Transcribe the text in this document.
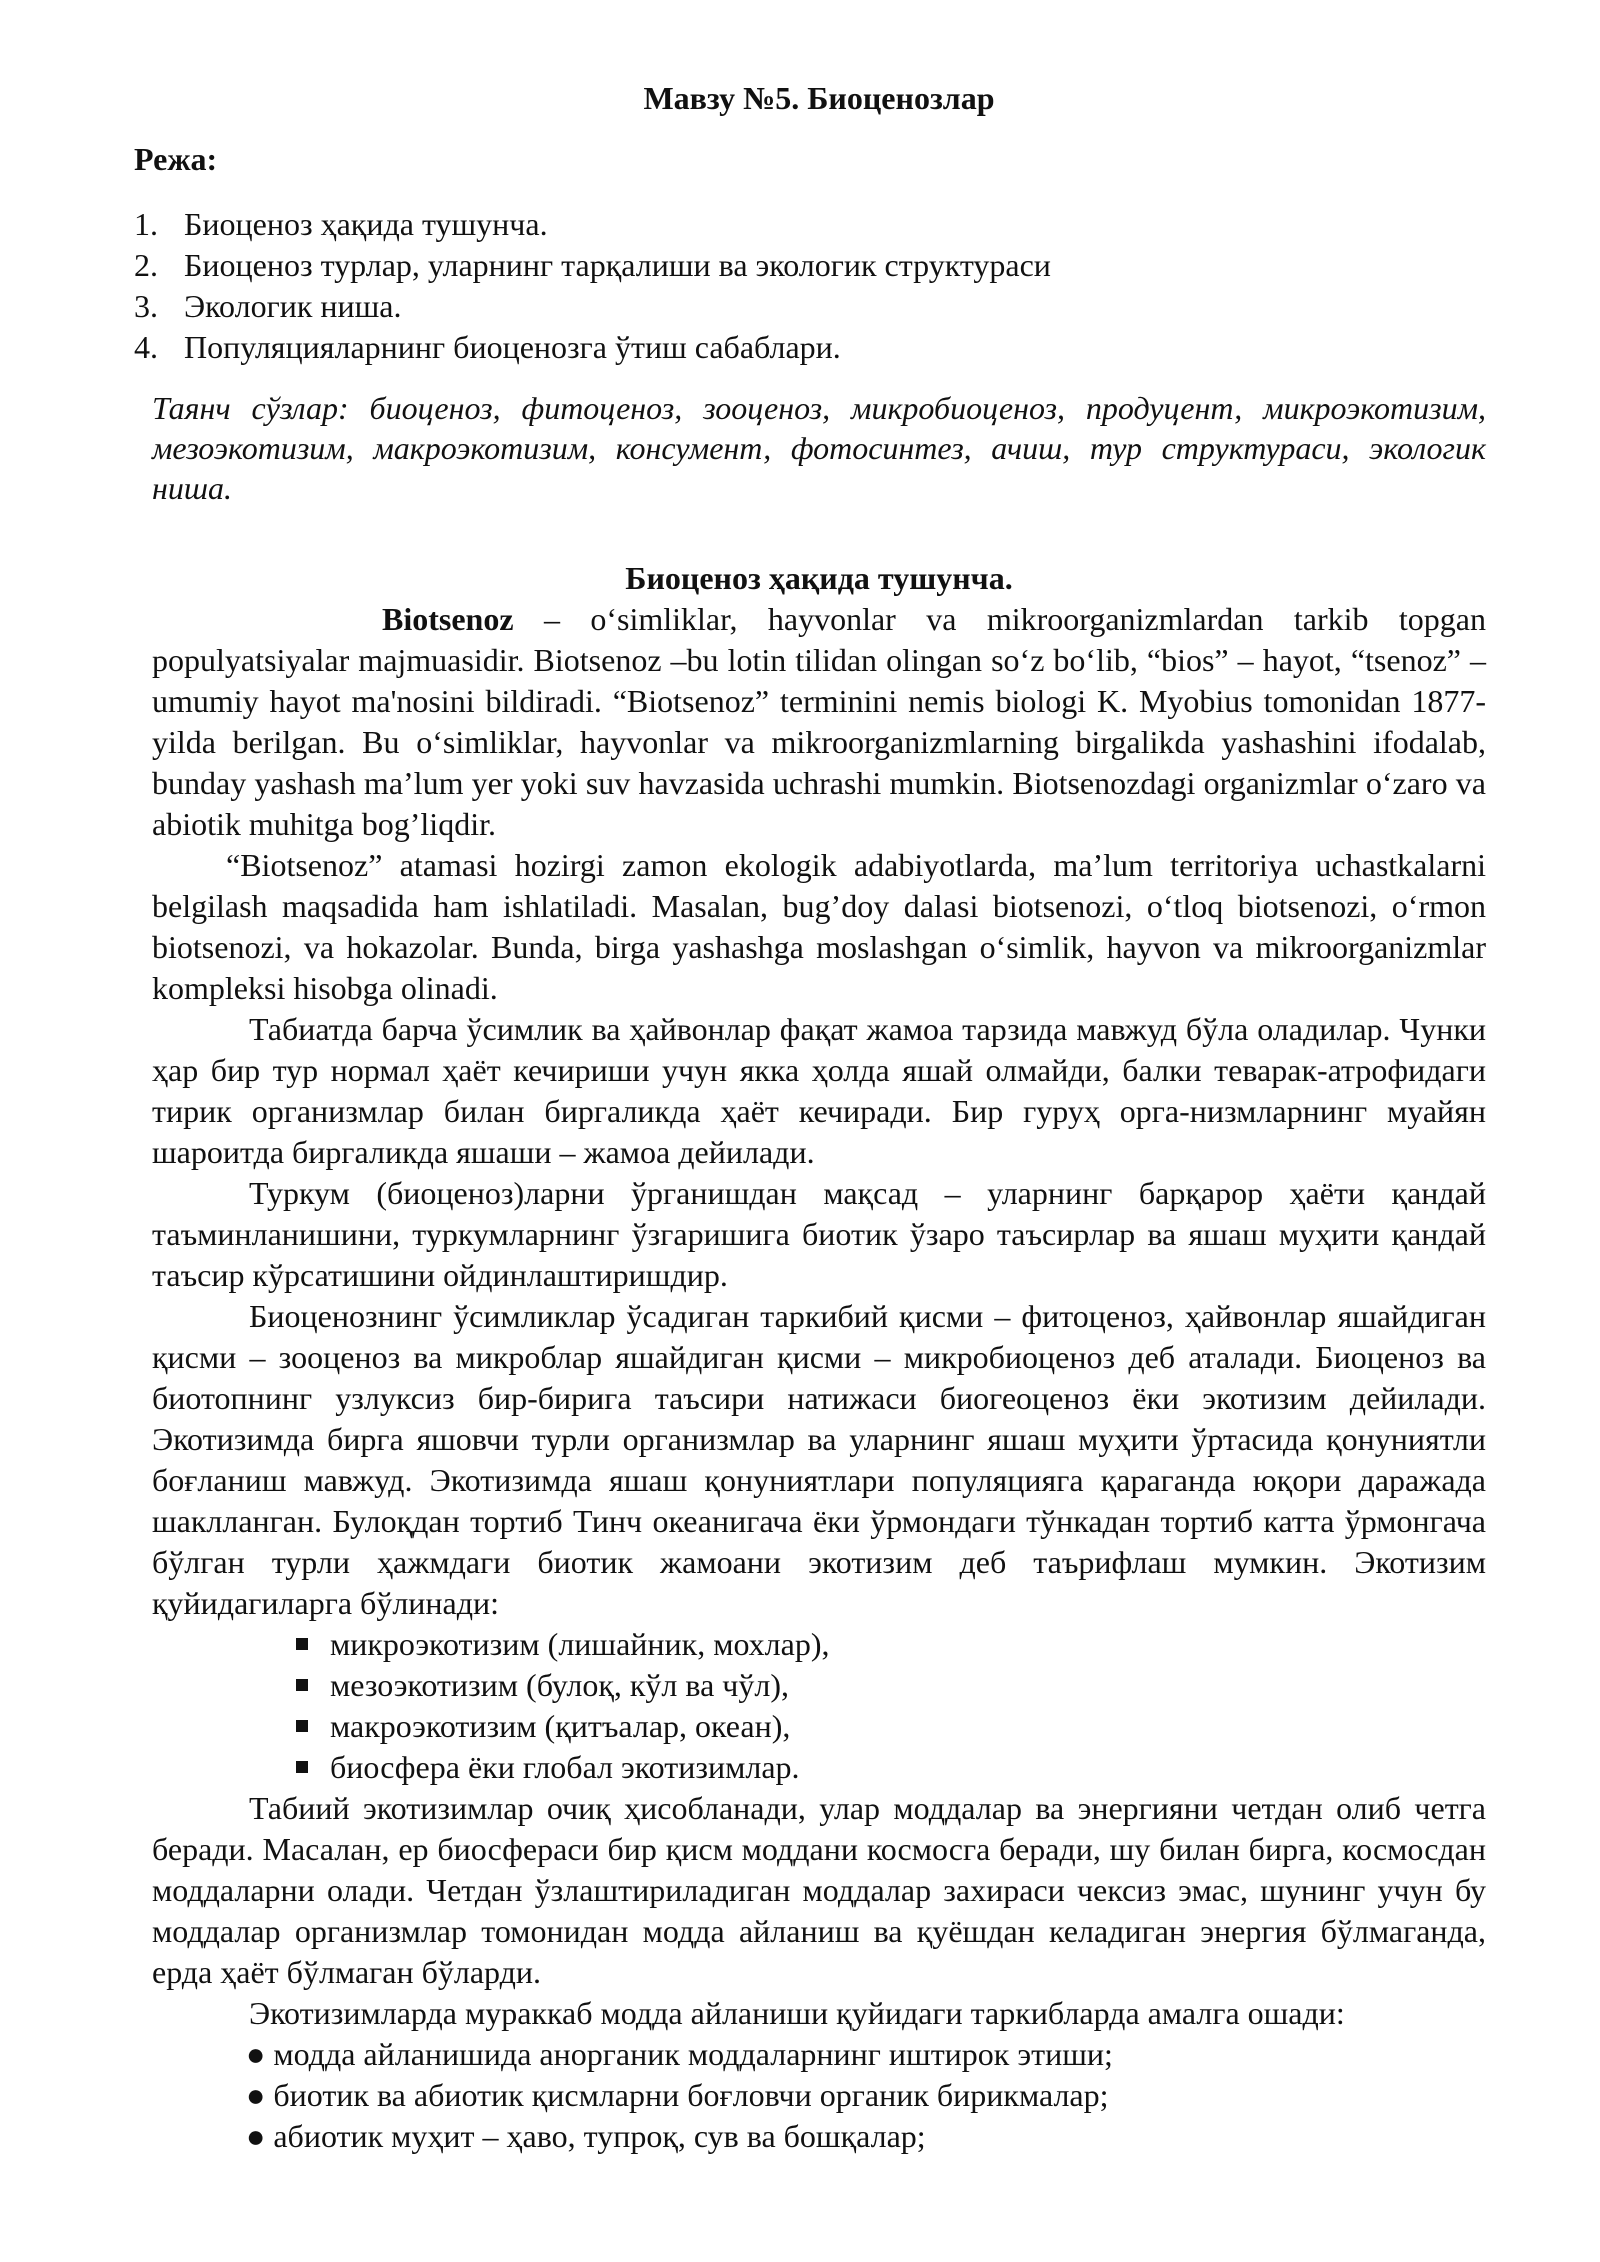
Мавзу №5. Биоценозлар
Режа:
1. Биоценоз ҳақида тушунча.
2. Биоценоз турлар, уларнинг тарқалиши ва экологик структураси
3. Экологик ниша.
4. Популяцияларнинг биоценозга ўтиш сабаблари.

Таянч сўзлар: биоценоз, фитоценоз, зооценоз, микробиоценоз, продуцент, микроэкотизим, мезоэкотизим, макроэкотизим, консумент, фотосинтез, ачиш, тур структураси, экологик ниша.

Биоценоз ҳақида тушунча.

Biotsenoz – o‘simliklar, hayvonlar va mikroorganizmlardan tarkib topgan populyatsiyalar majmuasidir. Biotsenoz –bu lotin tilidan olingan so‘z bo‘lib, “bios” – hayot, “tsenoz” – umumiy hayot ma'nosini bildiradi. “Biotsenoz” terminini nemis biologi K. Myobius tomonidan 1877-yilda berilgan. Bu o‘simliklar, hayvonlar va mikroorganizmlarning birgalikda yashashini ifodalab, bunday yashash ma’lum yer yoki suv havzasida uchrashi mumkin. Biotsenozdagi organizmlar o‘zaro va abiotik muhitga bog’liqdir.

“Biotsenoz” atamasi hozirgi zamon ekologik adabiyotlarda, ma’lum territoriya uchastkalarni belgilash maqsadida ham ishlatiladi. Masalan, bug’doy dalasi biotsenozi, o‘tloq biotsenozi, o‘rmon biotsenozi, va hokazolar. Bunda, birga yashashga moslashgan o‘simlik, hayvon va mikroorganizmlar kompleksi hisobga olinadi.

Табиатда барча ўсимлик ва ҳайвонлар фақат жамоа тарзида мавжуд бўла оладилар. Чунки ҳар бир тур нормал ҳаёт кечириши учун якка ҳолда яшай олмайди, балки теварак-атрофидаги тирик организмлар билан биргаликда ҳаёт кечиради. Бир гуруҳ орга-низмларнинг муайян шароитда биргаликда яшаши – жамоа дейилади.

Туркум (биоценоз)ларни ўрганишдан мақсад – уларнинг барқарор ҳаёти қандай таъминланишини, туркумларнинг ўзгаришига биотик ўзаро таъсирлар ва яшаш муҳити қандай таъсир кўрсатишини ойдинлаштиришдир.

Биоценознинг ўсимликлар ўсадиган таркибий қисми – фитоценоз, ҳайвонлар яшайдиган қисми – зооценоз ва микроблар яшайдиган қисми – микробиоценоз деб аталади. Биоценоз ва биотопнинг узлуксиз бир-бирига таъсири натижаси биогеоценоз ёки экотизим дейилади. Экотизимда бирга яшовчи турли организмлар ва уларнинг яшаш муҳити ўртасида қонуниятли боғланиш мавжуд. Экотизимда яшаш қонуниятлари популяцияга қараганда юқори даражада шаклланган. Булоқдан тортиб Тинч океанигача ёки ўрмондаги тўнкадан тортиб катта ўрмонгача бўлган турли ҳажмдаги биотик жамоани экотизим деб таърифлаш мумкин. Экотизим қуйидагиларга бўлинади:

микроэкотизим (лишайник, мохлар),
мезоэкотизим (булоқ, кўл ва чўл),
макроэкотизим (қитъалар, океан),
биосфера ёки глобал экотизимлар.

Табиий экотизимлар очиқ ҳисобланади, улар моддалар ва энергияни четдан олиб четга беради. Масалан, ер биосфераси бир қисм моддани космосга беради, шу билан бирга, космосдан моддаларни олади. Четдан ўзлаштириладиган моддалар захираси чексиз эмас, шунинг учун бу моддалар организмлар томонидан модда айланиш ва қуёшдан келадиган энергия бўлмаганда, ерда ҳаёт бўлмаган бўларди.

Экотизимларда мураккаб модда айланиши қуйидаги таркибларда амалга ошади:

● модда айланишида анорганик моддаларнинг иштирок этиши;
● биотик ва абиотик қисмларни боғловчи органик бирикмалар;
● абиотик муҳит – ҳаво, тупроқ, сув ва бошқалар;
